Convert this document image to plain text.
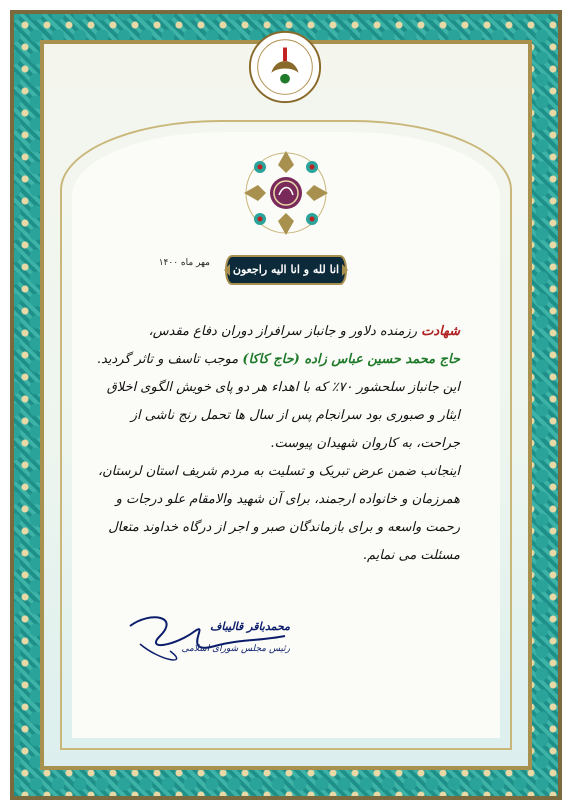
مهر ماه ۱۴۰۰	انا لله و انا الیه راجعون
شهادت رزمنده دلاور و جانباز سرافراز دوران دفاع مقدس،
حاج محمد حسین عباس زاده (حاج کاکا) موجب تاسف و تاثر گردید.
این جانباز سلحشور ۷۰٪ که با اهداء هر دو پای خویش الگوی اخلاق
ایثار و صبوری بود سرانجام پس از سال ها تحمل رنج ناشی از
جراحت، به کاروان شهیدان پیوست.
اینجانب ضمن عرض تبریک و تسلیت به مردم شریف استان لرستان،
همرزمان و خانواده ارجمند، برای آن شهید والامقام علو درجات و
رحمت واسعه و برای بازماندگان صبر و اجر از درگاه خداوند متعال
مسئلت می نمایم.
محمدباقر قالیباف
رئیس مجلس شورای اسلامی
